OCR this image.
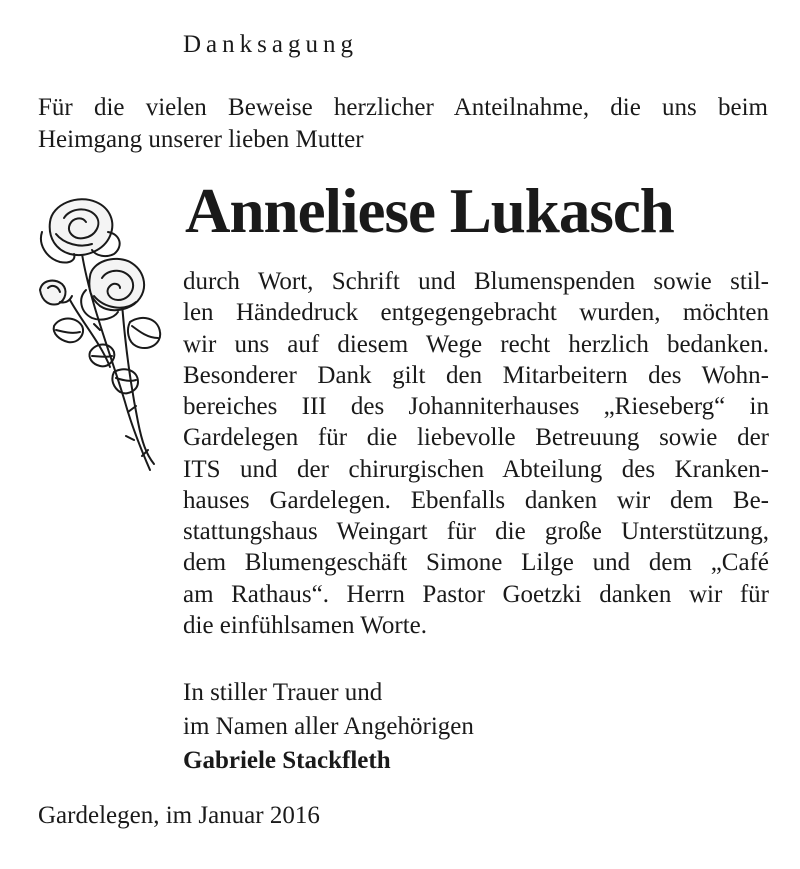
Danksagung
Für die vielen Beweise herzlicher Anteilnahme, die uns beim
Heimgang unserer lieben Mutter
Anneliese Lukasch
durch Wort, Schrift und Blumenspenden sowie stil-
len Händedruck entgegengebracht wurden, möchten
wir uns auf diesem Wege recht herzlich bedanken.
Besonderer Dank gilt den Mitarbeitern des Wohn-
bereiches III des Johanniterhauses „Rieseberg“ in
Gardelegen für die liebevolle Betreuung sowie der
ITS und der chirurgischen Abteilung des Kranken-
hauses Gardelegen. Ebenfalls danken wir dem Be-
stattungshaus Weingart für die große Unterstützung,
dem Blumengeschäft Simone Lilge und dem „Café
am Rathaus“. Herrn Pastor Goetzki danken wir für
die einfühlsamen Worte.
In stiller Trauer und
im Namen aller Angehörigen
Gabriele Stackfleth
Gardelegen, im Januar 2016
